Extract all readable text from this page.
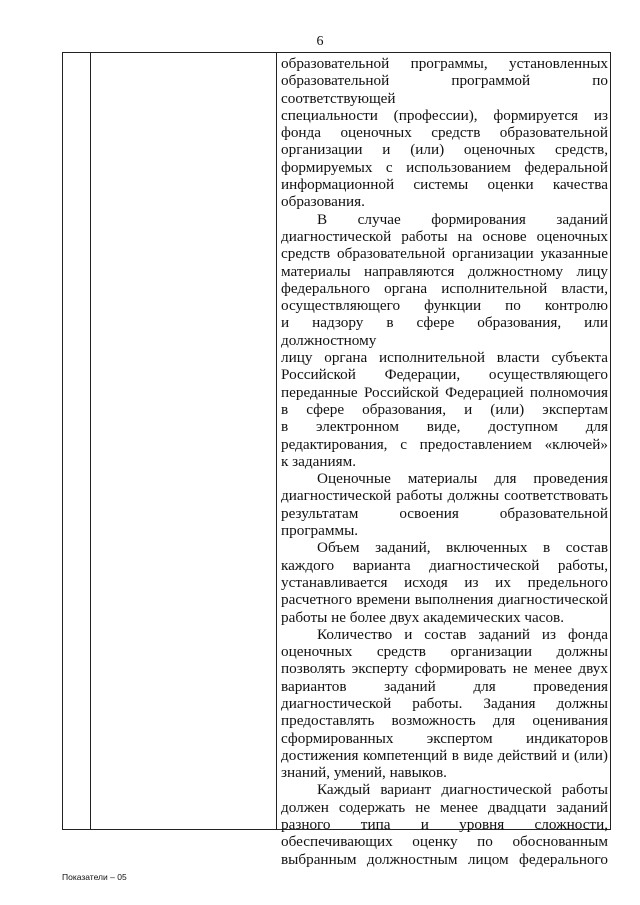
6

образовательной программы, установленных

образовательной программой по соответствующей

специальности (профессии), формируется из

фонда оценочных средств образовательной

организации и (или) оценочных средств,

формируемых с использованием федеральной

информационной системы оценки качества

образования.

В случае формирования заданий

диагностической работы на основе оценочных

средств образовательной организации указанные

материалы направляются должностному лицу

федерального органа исполнительной власти,

осуществляющего функции по контролю

и надзору в сфере образования, или должностному

лицу органа исполнительной власти субъекта

Российской Федерации, осуществляющего

переданные Российской Федерацией полномочия

в сфере образования, и (или) экспертам

в электронном виде, доступном для

редактирования, с предоставлением «ключей»

к заданиям.

Оценочные материалы для проведения

диагностической работы должны соответствовать

результатам освоения образовательной

программы.

Объем заданий, включенных в состав

каждого варианта диагностической работы,

устанавливается исходя из их предельного

расчетного времени выполнения диагностической

работы не более двух академических часов.

Количество и состав заданий из фонда

оценочных средств организации должны

позволять эксперту сформировать не менее двух

вариантов заданий для проведения

диагностической работы. Задания должны

предоставлять возможность для оценивания

сформированных экспертом индикаторов

достижения компетенций в виде действий и (или)

знаний, умений, навыков.

Каждый вариант диагностической работы

должен содержать не менее двадцати заданий

разного типа и уровня сложности,

обеспечивающих оценку по обоснованным

выбранным должностным лицом федерального

Показатели – 05
